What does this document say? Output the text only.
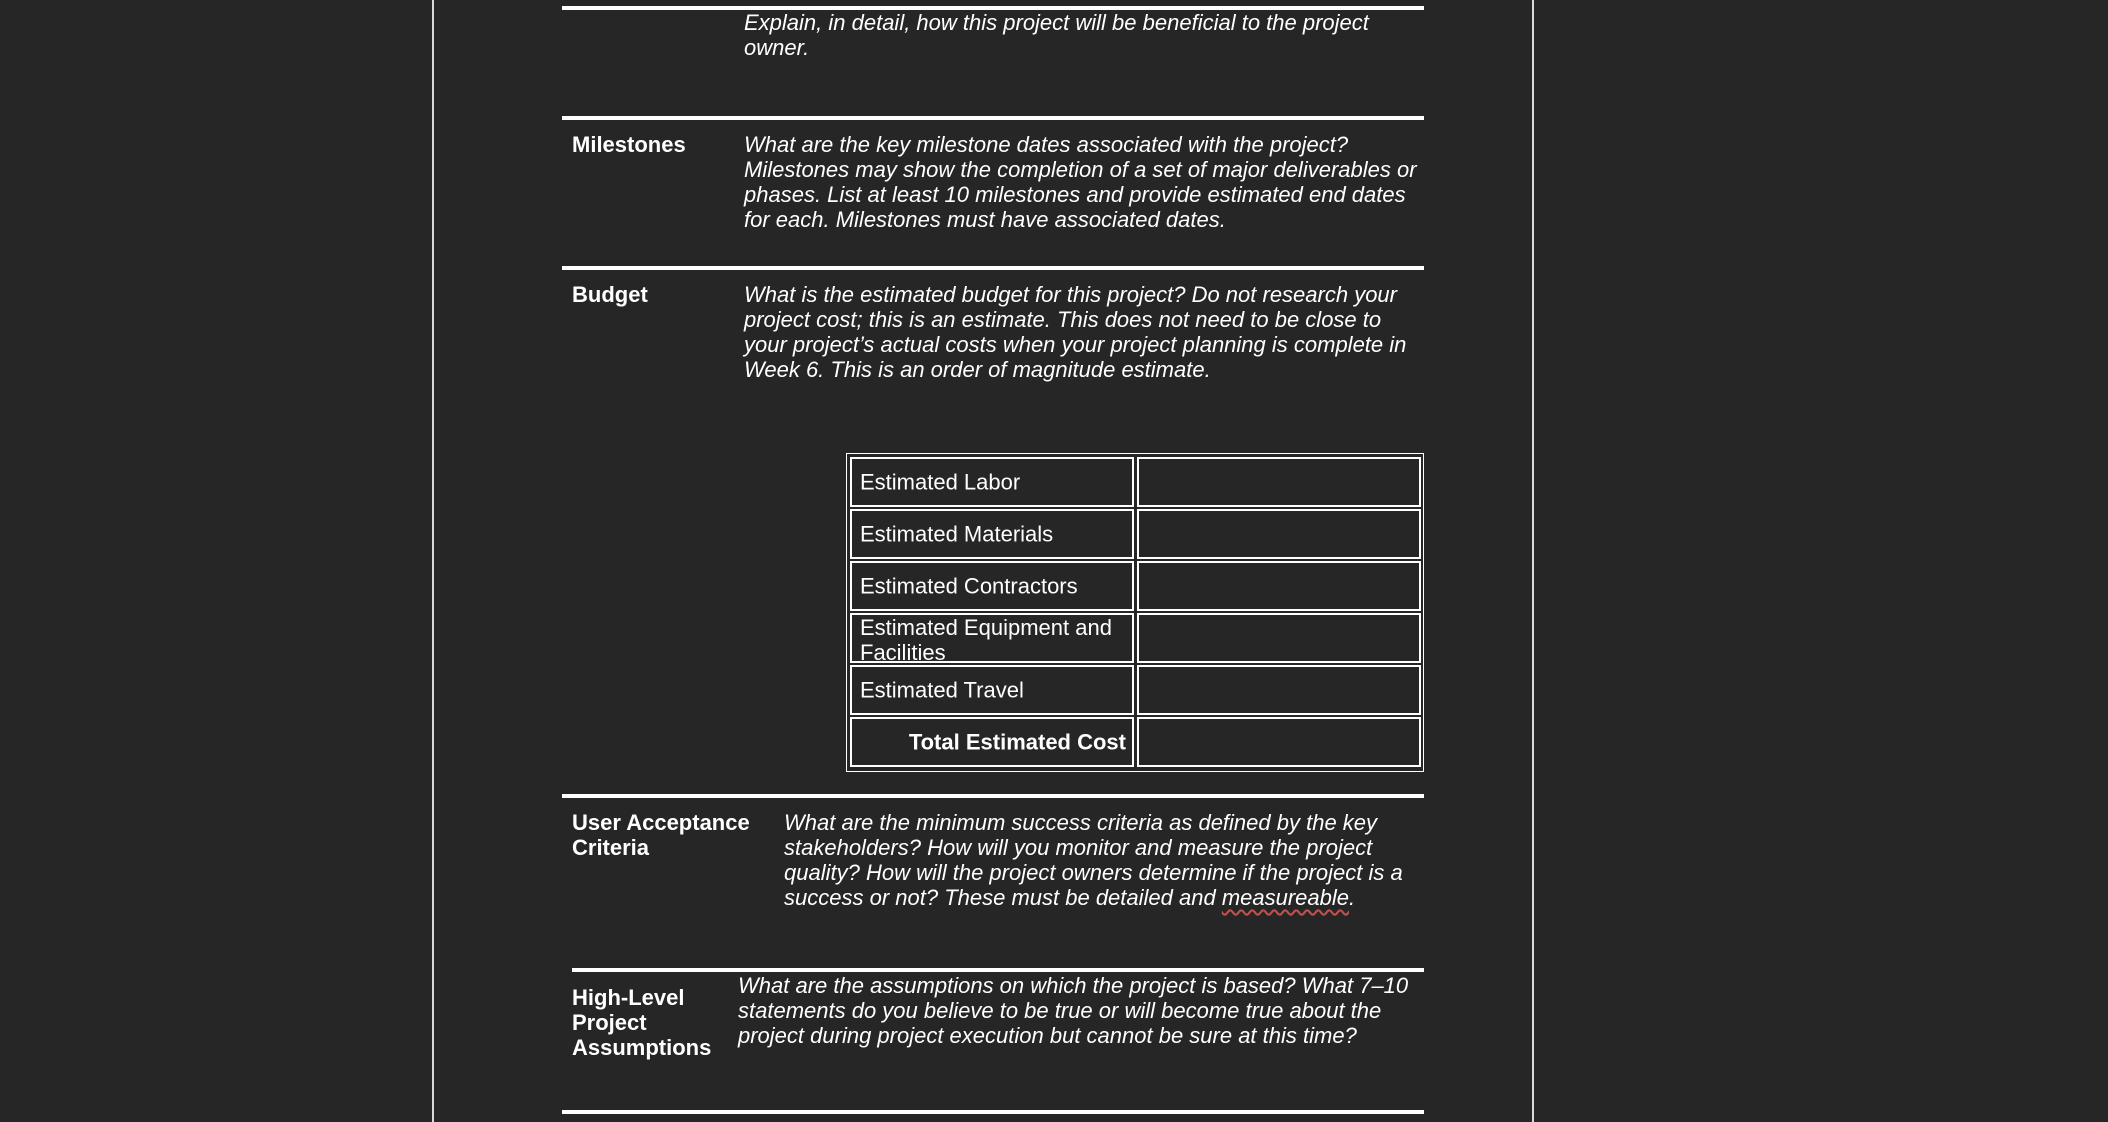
Explain, in detail, how this project will be beneficial to the project
owner.
Milestones	What are the key milestone dates associated with the project?
Milestones may show the completion of a set of major deliverables or
phases. List at least 10 milestones and provide estimated end dates
for each. Milestones must have associated dates.
Budget	What is the estimated budget for this project? Do not research your
project cost; this is an estimate. This does not need to be close to
your project’s actual costs when your project planning is complete in
Week 6. This is an order of magnitude estimate.
Estimated Labor
Estimated Materials
Estimated Contractors
Estimated Equipment and
Facilities
Estimated Travel
Total Estimated Cost
User Acceptance
Criteria
What are the minimum success criteria as defined by the key
stakeholders? How will you monitor and measure the project
quality? How will the project owners determine if the project is a
success or not? These must be detailed and measureable.
High-Level
Project
Assumptions
What are the assumptions on which the project is based? What 7–10
statements do you believe to be true or will become true about the
project during project execution but cannot be sure at this time?
